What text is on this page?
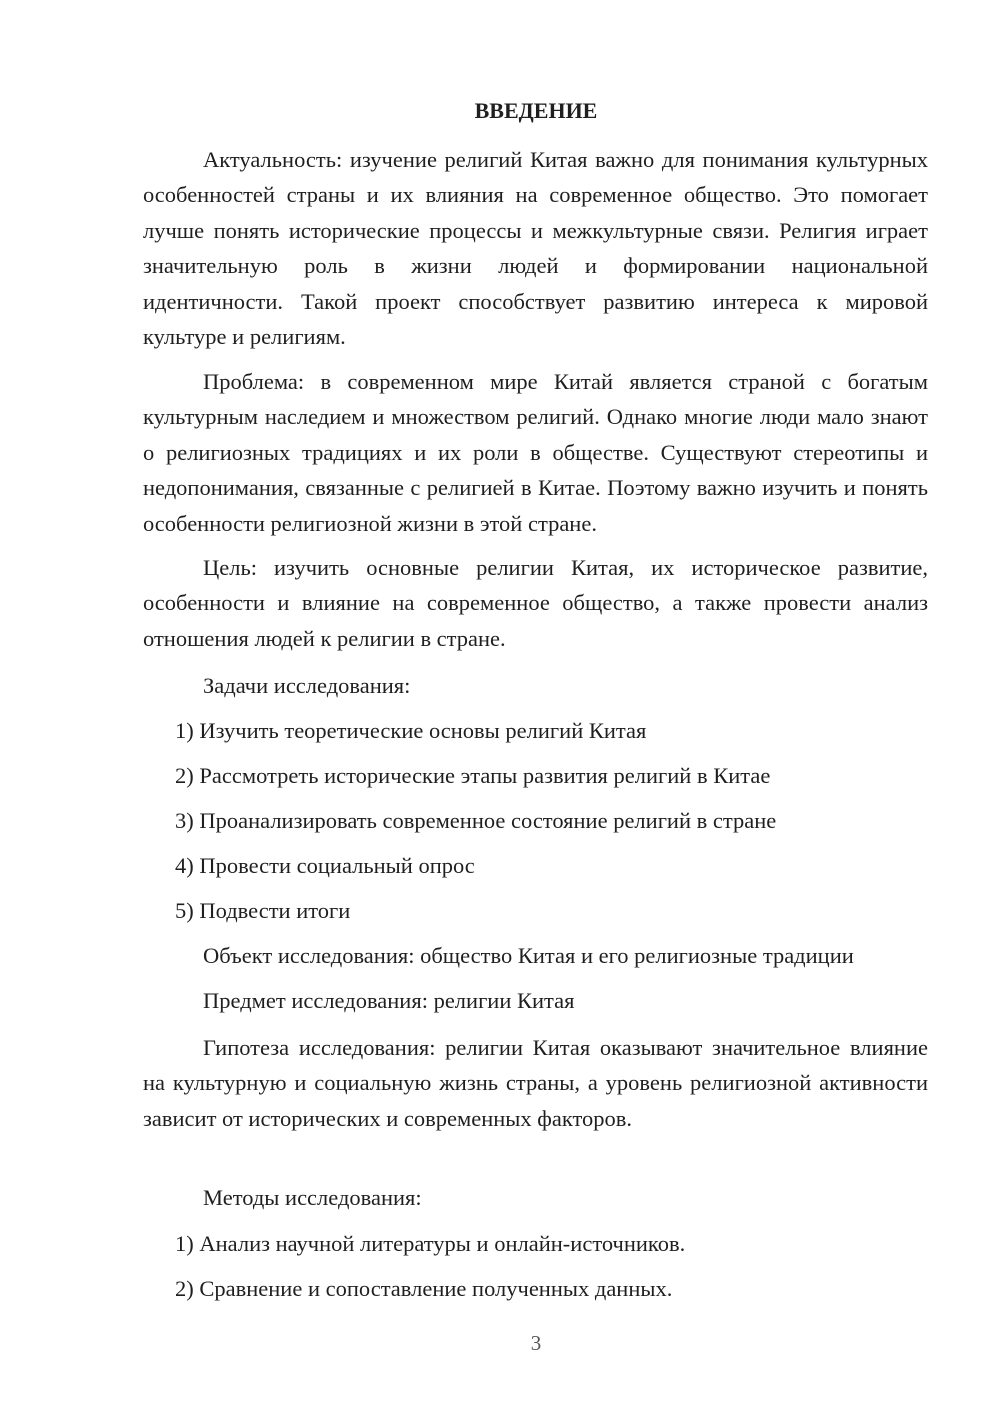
ВВЕДЕНИЕ

Актуальность: изучение религий Китая важно для понимания культурных особенностей страны и их влияния на современное общество. Это помогает лучше понять исторические процессы и межкультурные связи. Религия играет значительную роль в жизни людей и формировании национальной идентичности. Такой проект способствует развитию интереса к мировой культуре и религиям.

Проблема: в современном мире Китай является страной с богатым культурным наследием и множеством религий. Однако многие люди мало знают о религиозных традициях и их роли в обществе. Существуют стереотипы и недопонимания, связанные с религией в Китае. Поэтому важно изучить и понять особенности религиозной жизни в этой стране.

Цель: изучить основные религии Китая, их историческое развитие, особенности и влияние на современное общество, а также провести анализ отношения людей к религии в стране.

Задачи исследования:
1) Изучить теоретические основы религий Китая
2) Рассмотреть исторические этапы развития религий в Китае
3) Проанализировать современное состояние религий в стране
4) Провести социальный опрос
5) Подвести итоги
Объект исследования: общество Китая и его религиозные традиции
Предмет исследования: религии Китая

Гипотеза исследования: религии Китая оказывают значительное влияние на культурную и социальную жизнь страны, а уровень религиозной активности зависит от исторических и современных факторов.

Методы исследования:
1) Анализ научной литературы и онлайн-источников.
2) Сравнение и сопоставление полученных данных.
3
